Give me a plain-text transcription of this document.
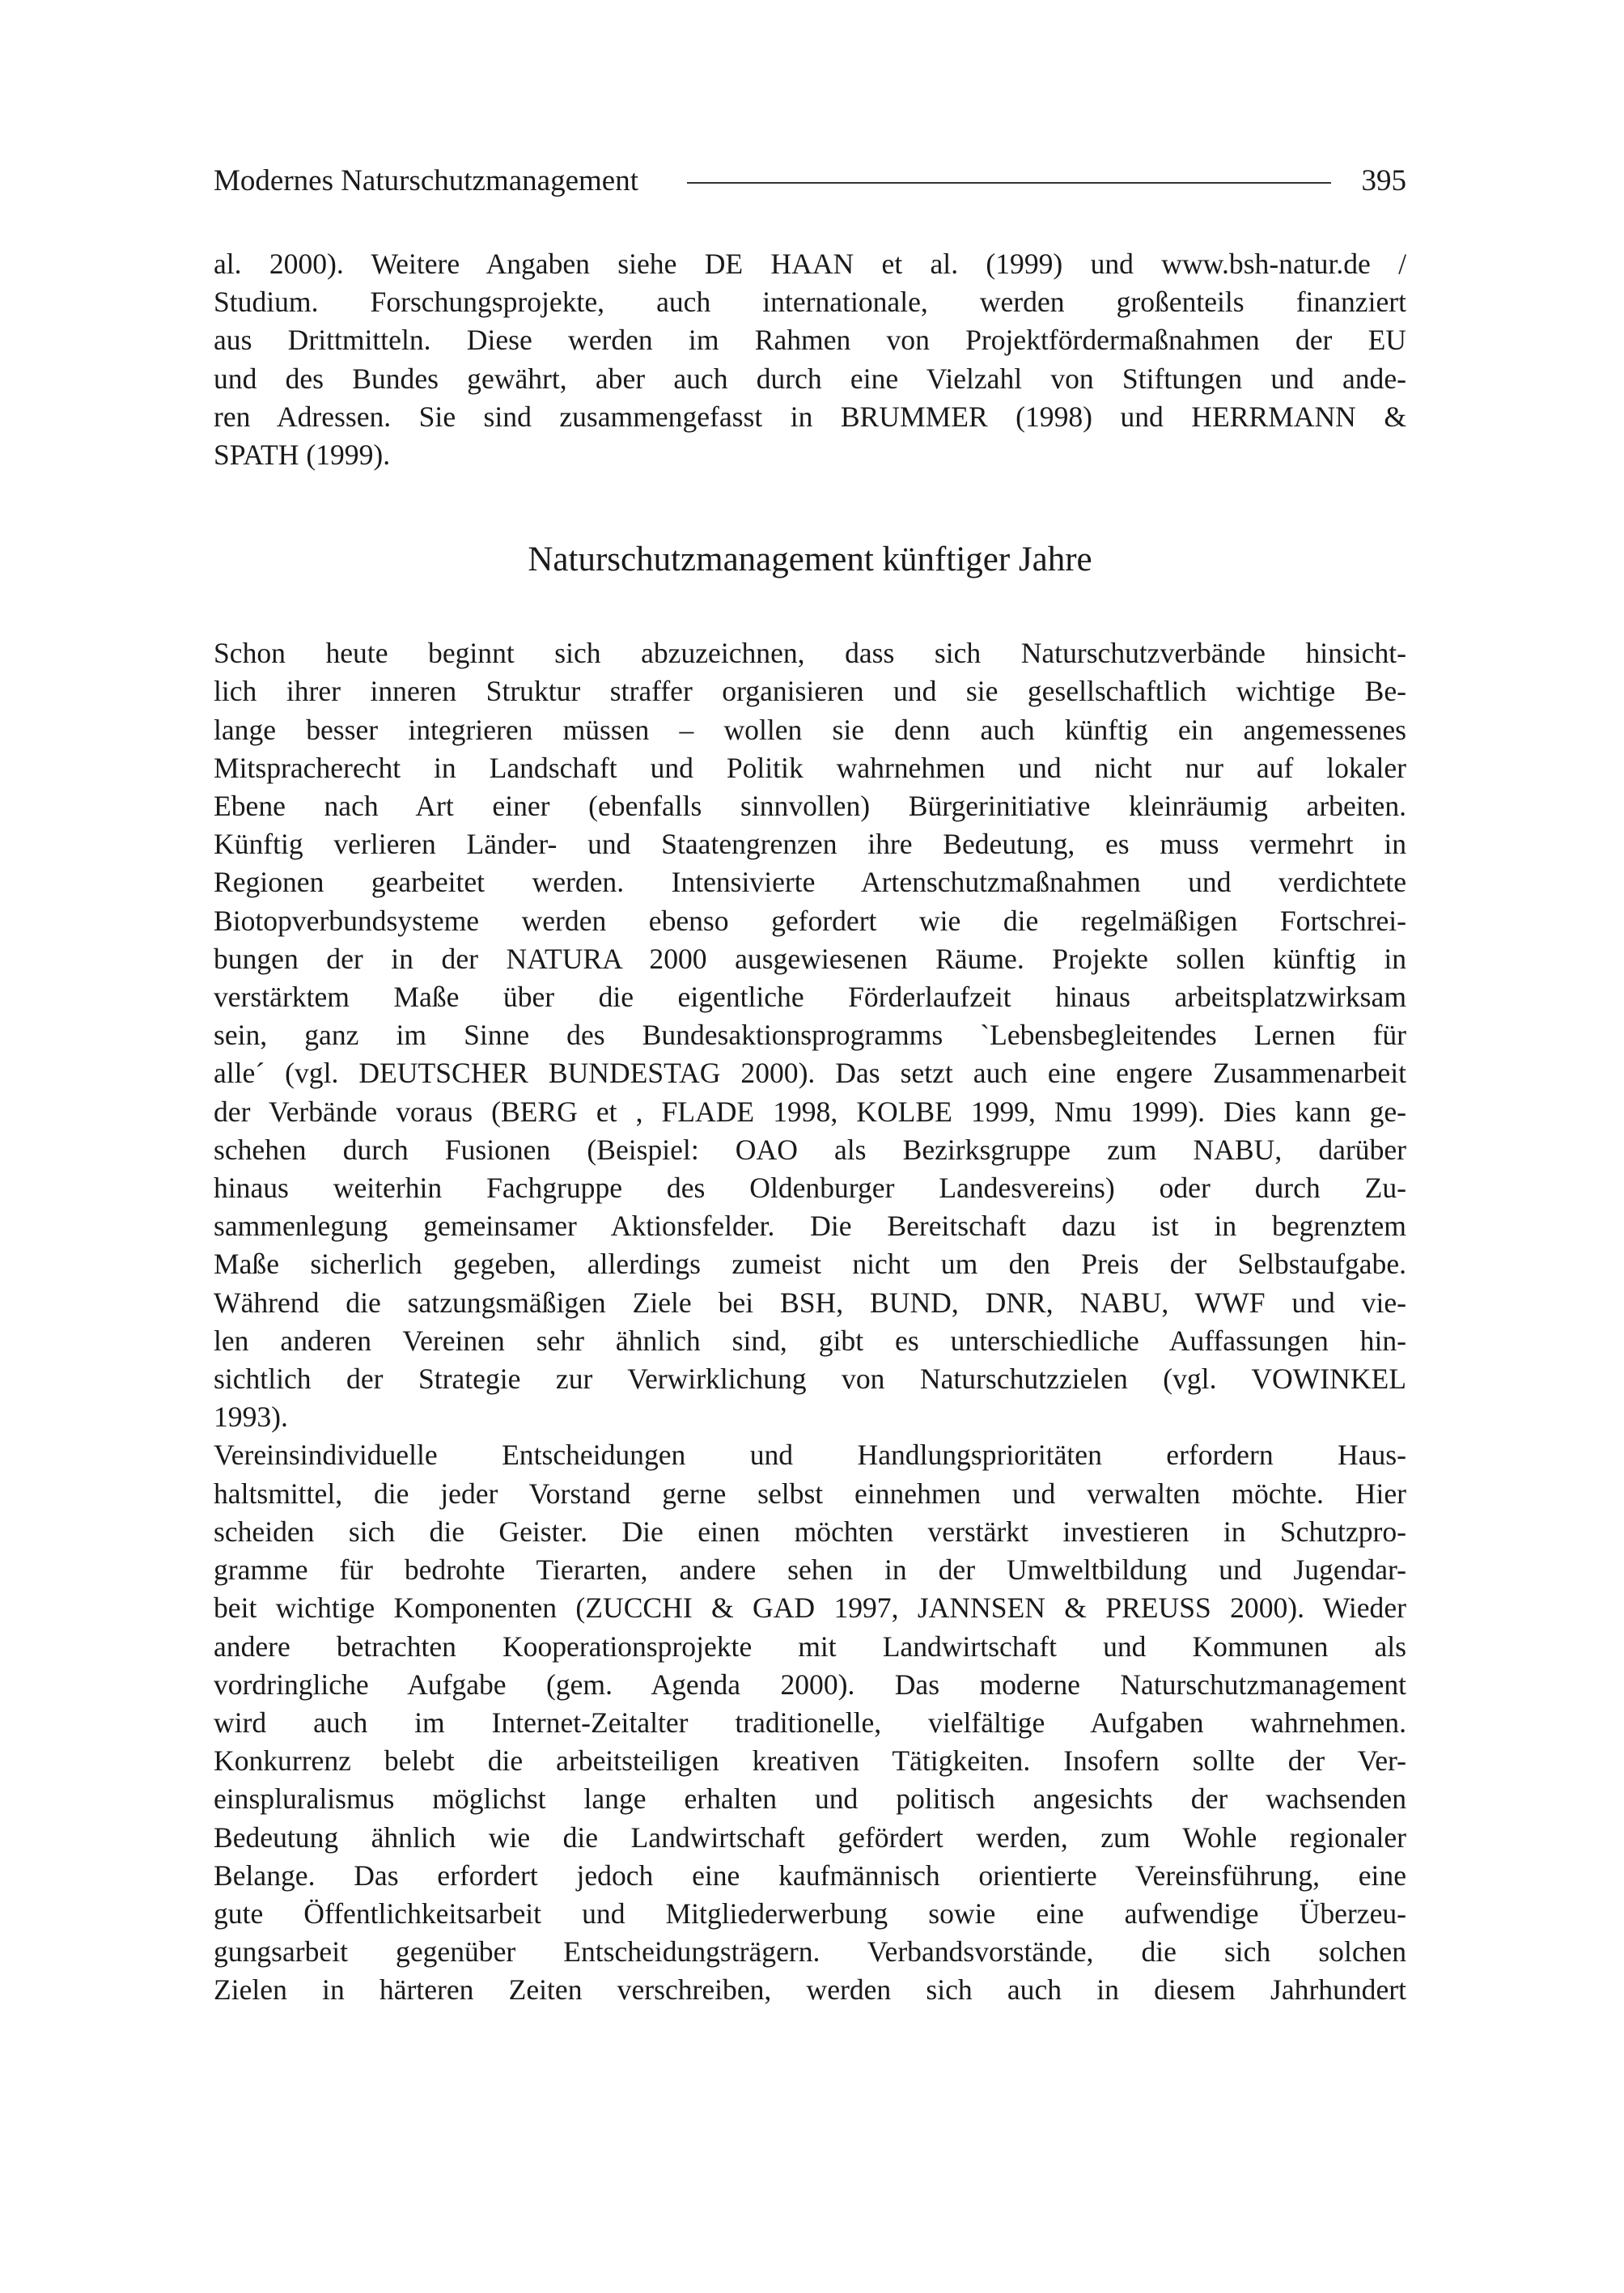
Modernes Naturschutzmanagement	395

al. 2000). Weitere Angaben siehe DE HAAN et al. (1999) und www.bsh-natur.de /
Studium. Forschungsprojekte, auch internationale, werden großenteils finanziert
aus Drittmitteln. Diese werden im Rahmen von Projektfördermaßnahmen der EU
und des Bundes gewährt, aber auch durch eine Vielzahl von Stiftungen und ande-
ren Adressen. Sie sind zusammengefasst in BRUMMER (1998) und HERRMANN &
SPATH (1999).

Naturschutzmanagement künftiger Jahre

Schon heute beginnt sich abzuzeichnen, dass sich Naturschutzverbände hinsicht-
lich ihrer inneren Struktur straffer organisieren und sie gesellschaftlich wichtige Be-
lange besser integrieren müssen – wollen sie denn auch künftig ein angemessenes
Mitspracherecht in Landschaft und Politik wahrnehmen und nicht nur auf lokaler
Ebene nach Art einer (ebenfalls sinnvollen) Bürgerinitiative kleinräumig arbeiten.
Künftig verlieren Länder- und Staatengrenzen ihre Bedeutung, es muss vermehrt in
Regionen gearbeitet werden. Intensivierte Artenschutzmaßnahmen und verdichtete
Biotopverbundsysteme werden ebenso gefordert wie die regelmäßigen Fortschrei-
bungen der in der NATURA 2000 ausgewiesenen Räume. Projekte sollen künftig in
verstärktem Maße über die eigentliche Förderlaufzeit hinaus arbeitsplatzwirksam
sein, ganz im Sinne des Bundesaktionsprogramms `Lebensbegleitendes Lernen für
alle´ (vgl. DEUTSCHER BUNDESTAG 2000). Das setzt auch eine engere Zusammenarbeit
der Verbände voraus (BERG et , FLADE 1998, KOLBE 1999, Nmu 1999). Dies kann ge-
schehen durch Fusionen (Beispiel: OAO als Bezirksgruppe zum NABU, darüber
hinaus weiterhin Fachgruppe des Oldenburger Landesvereins) oder durch Zu-
sammenlegung gemeinsamer Aktionsfelder. Die Bereitschaft dazu ist in begrenztem
Maße sicherlich gegeben, allerdings zumeist nicht um den Preis der Selbstaufgabe.
Während die satzungsmäßigen Ziele bei BSH, BUND, DNR, NABU, WWF und vie-
len anderen Vereinen sehr ähnlich sind, gibt es unterschiedliche Auffassungen hin-
sichtlich der Strategie zur Verwirklichung von Naturschutzzielen (vgl. VOWINKEL
1993).

Vereinsindividuelle Entscheidungen und Handlungsprioritäten erfordern Haus-
haltsmittel, die jeder Vorstand gerne selbst einnehmen und verwalten möchte. Hier
scheiden sich die Geister. Die einen möchten verstärkt investieren in Schutzpro-
gramme für bedrohte Tierarten, andere sehen in der Umweltbildung und Jugendar-
beit wichtige Komponenten (ZUCCHI & GAD 1997, JANNSEN & PREUSS 2000). Wieder
andere betrachten Kooperationsprojekte mit Landwirtschaft und Kommunen als
vordringliche Aufgabe (gem. Agenda 2000). Das moderne Naturschutzmanagement
wird auch im Internet-Zeitalter traditionelle, vielfältige Aufgaben wahrnehmen.
Konkurrenz belebt die arbeitsteiligen kreativen Tätigkeiten. Insofern sollte der Ver-
einspluralismus möglichst lange erhalten und politisch angesichts der wachsenden
Bedeutung ähnlich wie die Landwirtschaft gefördert werden, zum Wohle regionaler
Belange. Das erfordert jedoch eine kaufmännisch orientierte Vereinsführung, eine
gute Öffentlichkeitsarbeit und Mitgliederwerbung sowie eine aufwendige Überzeu-
gungsarbeit gegenüber Entscheidungsträgern. Verbandsvorstände, die sich solchen
Zielen in härteren Zeiten verschreiben, werden sich auch in diesem Jahrhundert
